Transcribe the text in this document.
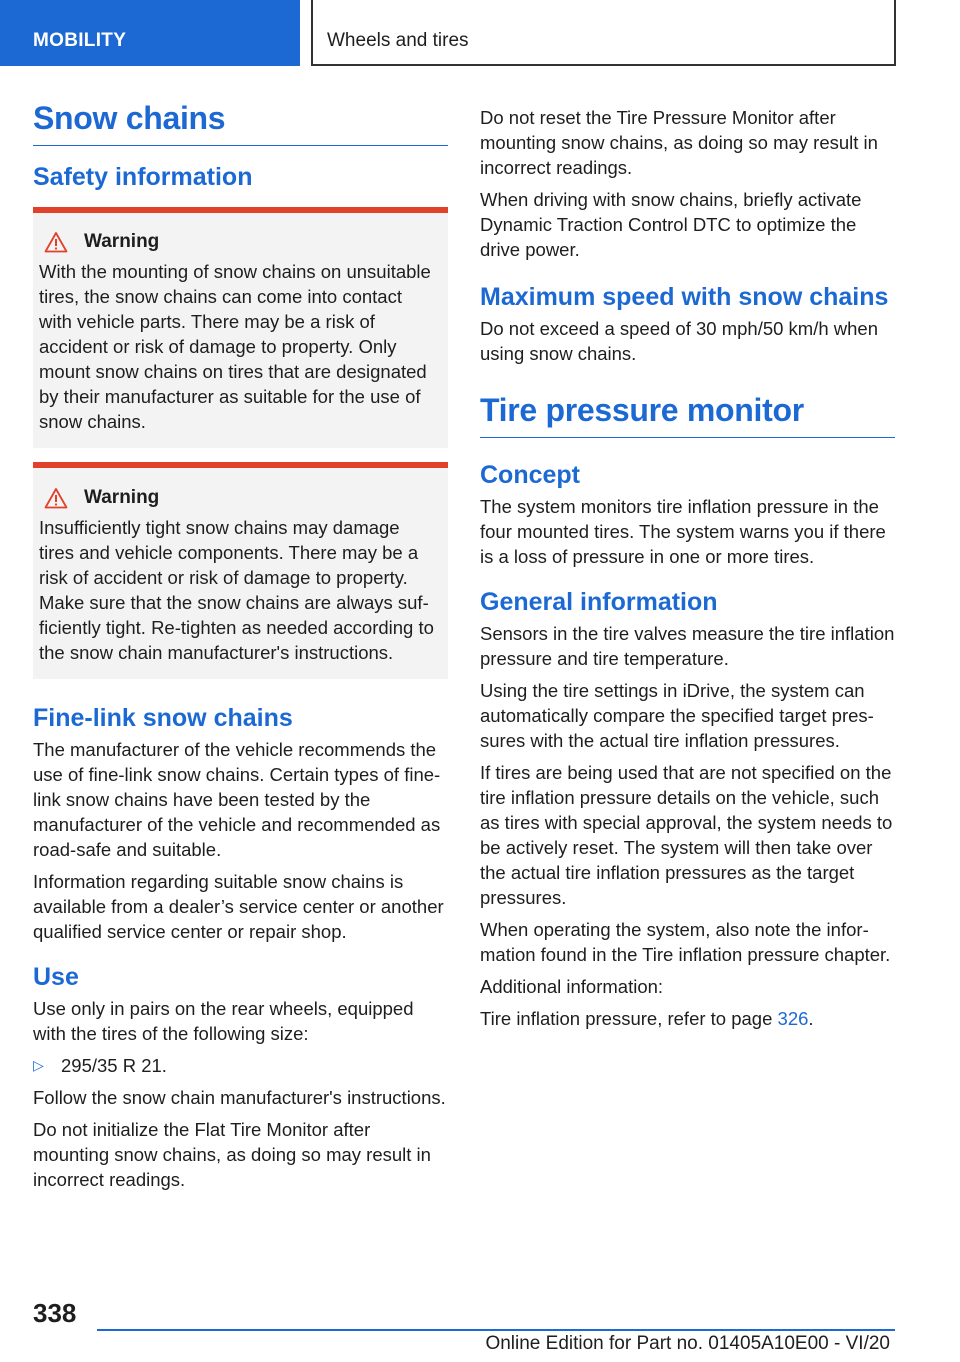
MOBILITY	Wheels and tires
Snow chains
Safety information
Warning

With the mounting of snow chains on unsuitable tires, the snow chains can come into contact with vehicle parts. There may be a risk of accident or risk of damage to property. Only mount snow chains on tires that are designated by their manufacturer as suitable for the use of snow chains.

Warning

Insufficiently tight snow chains may damage tires and vehicle components. There may be a risk of accident or risk of damage to property. Make sure that the snow chains are always sufficiently tight. Re-tighten as needed according to the snow chain manufacturer's instructions.

Fine-link snow chains

The manufacturer of the vehicle recommends the use of fine-link snow chains. Certain types of fine-link snow chains have been tested by the manufacturer of the vehicle and recommended as road-safe and suitable.

Information regarding suitable snow chains is available from a dealer’s service center or another qualified service center or repair shop.

Use

Use only in pairs on the rear wheels, equipped with the tires of the following size:

▷ 295/35 R 21.

Follow the snow chain manufacturer's instructions.

Do not initialize the Flat Tire Monitor after mounting snow chains, as doing so may result in incorrect readings.

Do not reset the Tire Pressure Monitor after mounting snow chains, as doing so may result in incorrect readings.

When driving with snow chains, briefly activate Dynamic Traction Control DTC to optimize the drive power.

Maximum speed with snow chains

Do not exceed a speed of 30 mph/50 km/h when using snow chains.

Tire pressure monitor
Concept

The system monitors tire inflation pressure in the four mounted tires. The system warns you if there is a loss of pressure in one or more tires.

General information

Sensors in the tire valves measure the tire inflation pressure and tire temperature.

Using the tire settings in iDrive, the system can automatically compare the specified target pressures with the actual tire inflation pressures.

If tires are being used that are not specified on the tire inflation pressure details on the vehicle, such as tires with special approval, the system needs to be actively reset. The system will then take over the actual tire inflation pressures as the target pressures.

When operating the system, also note the information found in the Tire inflation pressure chapter.

Additional information:

Tire inflation pressure, refer to page 326.

338
Online Edition for Part no. 01405A10E00 - VI/20
